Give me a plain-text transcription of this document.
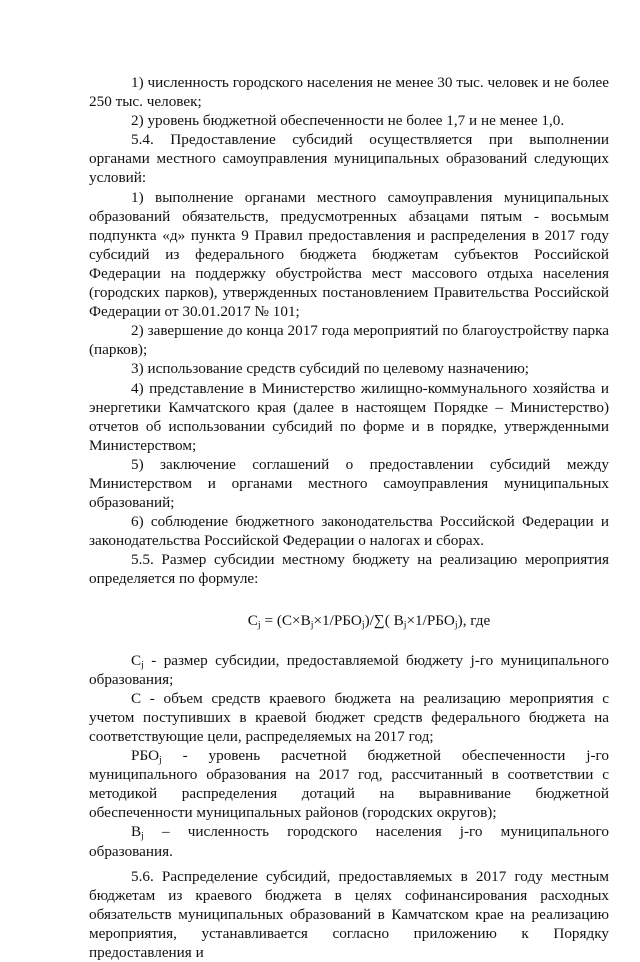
1) численность городского населения не менее 30 тыс. человек и не более 250 тыс. человек;

2) уровень бюджетной обеспеченности не более 1,7 и не менее 1,0.

5.4. Предоставление субсидий осуществляется при выполнении органами местного самоуправления муниципальных образований следующих условий:

1) выполнение органами местного самоуправления муниципальных образований обязательств, предусмотренных абзацами пятым - восьмым подпункта «д» пункта 9 Правил предоставления и распределения в 2017 году субсидий из федерального бюджета бюджетам субъектов Российской Федерации на поддержку обустройства мест массового отдыха населения (городских парков), утвержденных постановлением Правительства Российской Федерации от 30.01.2017 № 101;

2) завершение до конца 2017 года мероприятий по благоустройству парка (парков);

3) использование средств субсидий по целевому назначению;

4) представление в Министерство жилищно-коммунального хозяйства и энергетики Камчатского края (далее в настоящем Порядке – Министерство) отчетов об использовании субсидий по форме и в порядке, утвержденными Министерством;

5) заключение соглашений о предоставлении субсидий между Министерством и органами местного самоуправления муниципальных образований;

6) соблюдение бюджетного законодательства Российской Федерации и законодательства Российской Федерации о налогах и сборах.

5.5. Размер субсидии местному бюджету на реализацию мероприятия определяется по формуле:

$C_j = (C\times B_j\times 1/РБО_j)/\sum$( $B_j\times 1/РБО_j$), где

$C_j$ - размер субсидии, предоставляемой бюджету j-го муниципального образования;

C - объем средств краевого бюджета на реализацию мероприятия с учетом поступивших в краевой бюджет средств федерального бюджета на соответствующие цели, распределяемых на 2017 год;

$РБО_j$ - уровень расчетной бюджетной обеспеченности j-го муниципального образования на 2017 год, рассчитанный в соответствии с методикой распределения дотаций на выравнивание бюджетной обеспеченности муниципальных районов (городских округов);

$B_j$ – численность городского населения j-го муниципального образования.

5.6. Распределение субсидий, предоставляемых в 2017 году местным бюджетам из краевого бюджета в целях софинансирования расходных обязательств муниципальных образований в Камчатском крае на реализацию мероприятия, устанавливается согласно приложению к Порядку предоставления и
